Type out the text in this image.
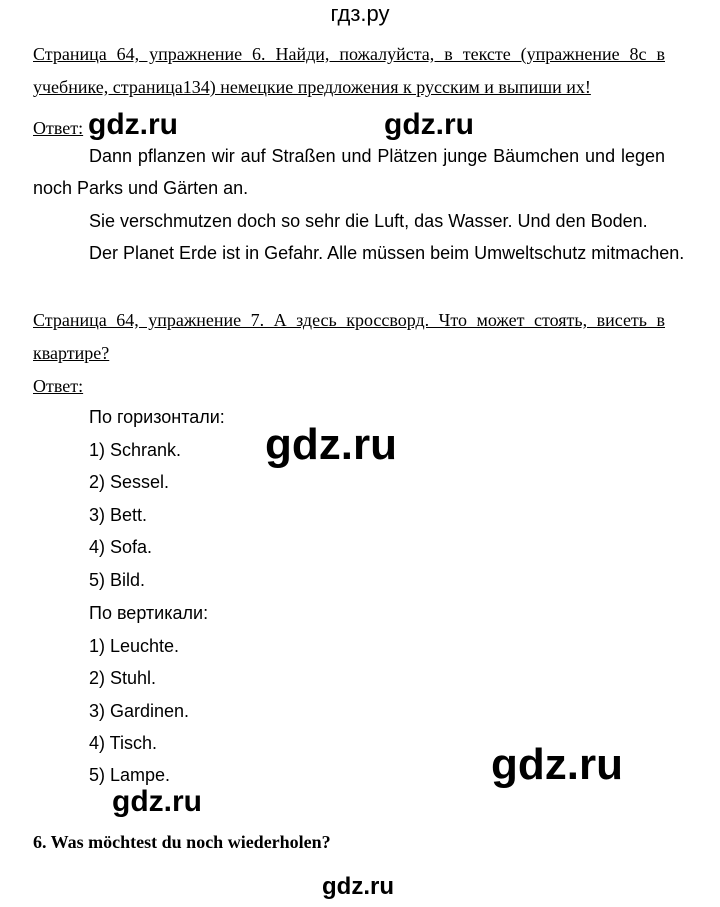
гдз.ру
Страница 64, упражнение 6. Найди, пожалуйста, в тексте (упражнение 8с в
учебнике, страница134) немецкие предложения к русским и выпиши их!
Ответ:
Dann pflanzen wir auf Straßen und Plätzen junge Bäumchen und legen
noch Parks und Gärten an.
Sie verschmutzen doch so sehr die Luft, das Wasser. Und den Boden.
Der Planet Erde ist in Gefahr. Alle müssen beim Umweltschutz mitmachen.
Страница 64, упражнение 7. А здесь кроссворд. Что может стоять, висеть в
квартире?
Ответ:
По горизонтали:
1) Schrank.
2) Sessel.
3) Bett.
4) Sofa.
5) Bild.
По вертикали:
1) Leuchte.
2) Stuhl.
3) Gardinen.
4) Tisch.
5) Lampe.
6. Was möchtest du noch wiederholen?
gdz.ru	gdz.ru
gdz.ru
gdz.ru
gdz.ru
gdz.ru
